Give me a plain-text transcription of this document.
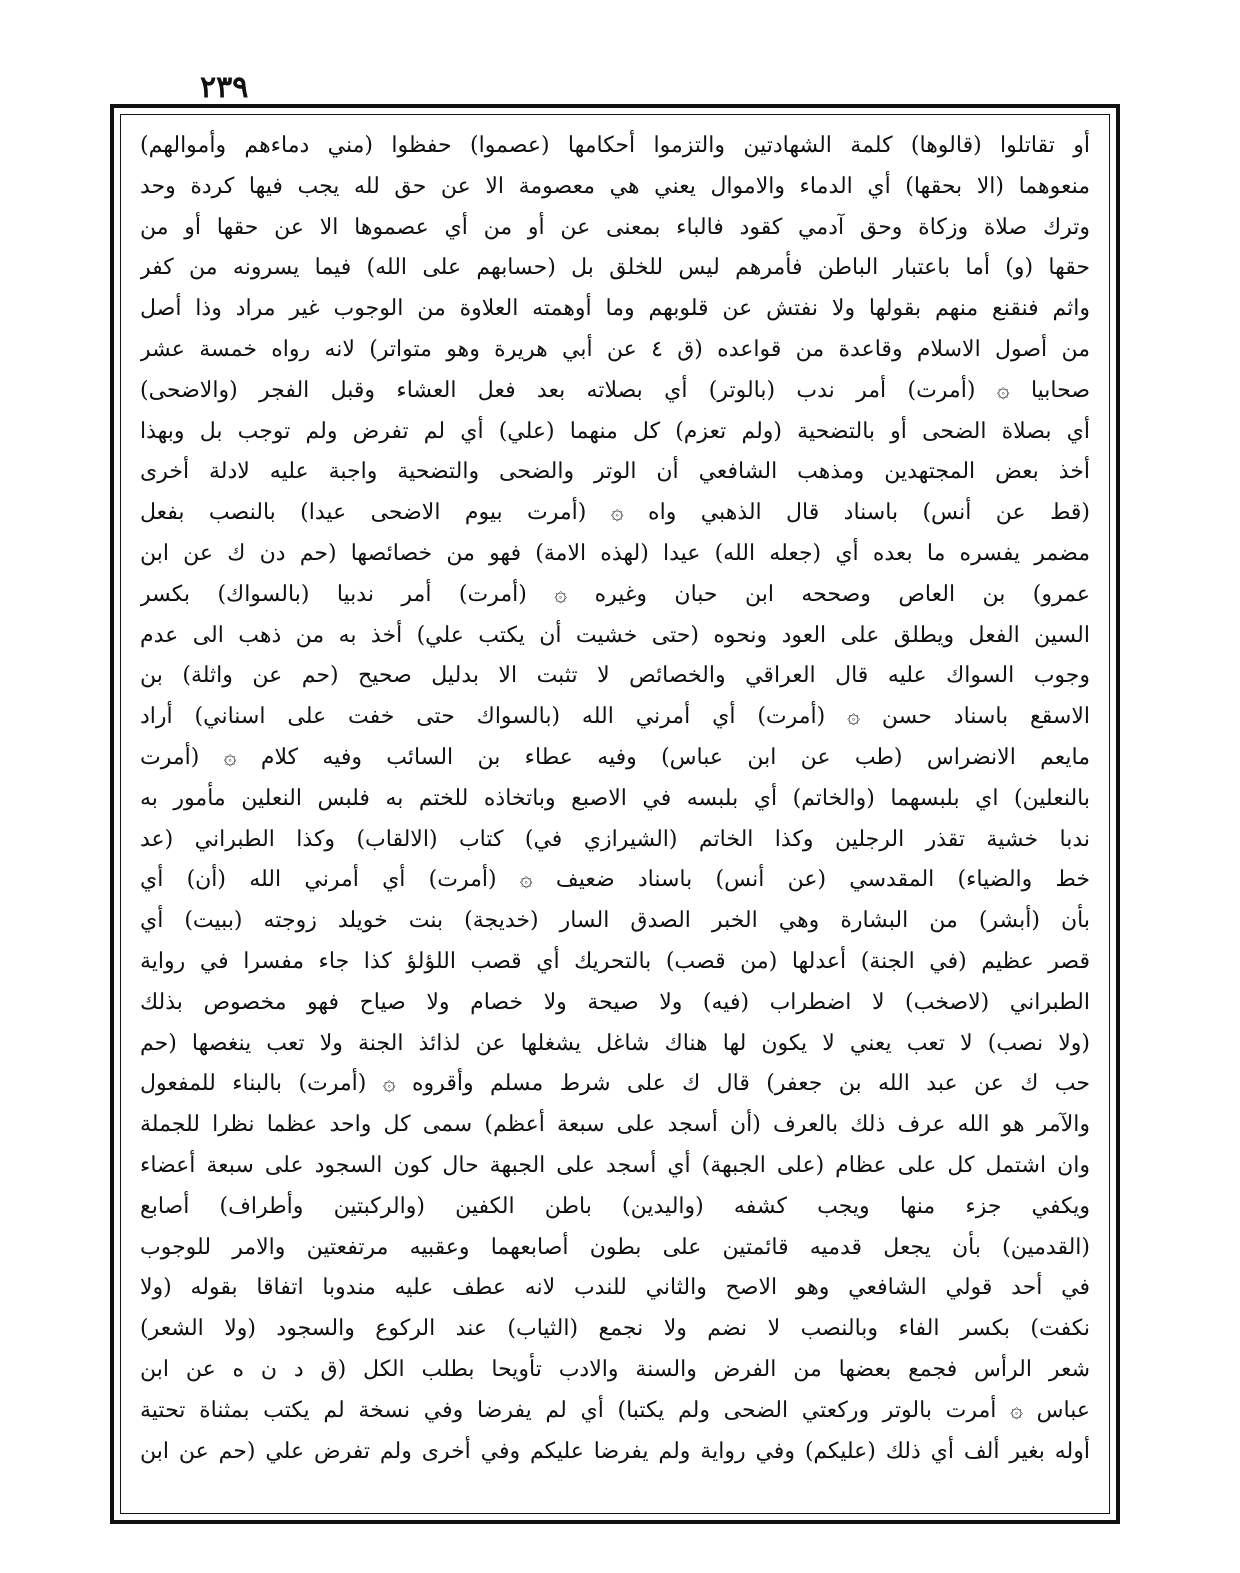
٢٣٩
أو تقاتلوا (قالوها) كلمة الشهادتين والتزموا أحكامها (عصموا) حفظوا (مني دماءهم وأموالهم)
منعوهما (الا بحقها) أي الدماء والاموال يعني هي معصومة الا عن حق لله يجب فيها كردة وحد
وترك صلاة وزكاة وحق آدمي كقود فالباء بمعنى عن أو من أي عصموها الا عن حقها أو من
حقها (و) أما باعتبار الباطن فأمرهم ليس للخلق بل (حسابهم على الله) فيما يسرونه من كفر
واثم فنقنع منهم بقولها ولا نفتش عن قلوبهم وما أوهمته العلاوة من الوجوب غير مراد وذا أصل
من أصول الاسلام وقاعدة من قواعده (ق ٤ عن أبي هريرة وهو متواتر) لانه رواه خمسة عشر
صحابيا ۞ (أمرت) أمر ندب (بالوتر) أي بصلاته بعد فعل العشاء وقبل الفجر (والاضحى)
أي بصلاة الضحى أو بالتضحية (ولم تعزم) كل منهما (علي) أي لم تفرض ولم توجب بل وبهذا
أخذ بعض المجتهدين ومذهب الشافعي أن الوتر والضحى والتضحية واجبة عليه لادلة أخرى
(قط عن أنس) باسناد قال الذهبي واه ۞ (أمرت بيوم الاضحى عيدا) بالنصب بفعل
مضمر يفسره ما بعده أي (جعله الله) عيدا (لهذه الامة) فهو من خصائصها (حم دن ك عن ابن
عمرو) بن العاص وصححه ابن حبان وغيره ۞ (أمرت) أمر ندبيا (بالسواك) بكسر
السين الفعل ويطلق على العود ونحوه (حتى خشيت أن يكتب علي) أخذ به من ذهب الى عدم
وجوب السواك عليه قال العراقي والخصائص لا تثبت الا بدليل صحيح (حم عن واثلة) بن
الاسقع باسناد حسن ۞ (أمرت) أي أمرني الله (بالسواك حتى خفت على اسناني) أراد
مايعم الانضراس (طب عن ابن عباس) وفيه عطاء بن السائب وفيه كلام ۞ (أمرت
بالنعلين) اي بلبسهما (والخاتم) أي بلبسه في الاصبع وباتخاذه للختم به فلبس النعلين مأمور به
ندبا خشية تقذر الرجلين وكذا الخاتم (الشيرازي في) كتاب (الالقاب) وكذا الطبراني (عد
خط والضياء) المقدسي (عن أنس) باسناد ضعيف ۞ (أمرت) أي أمرني الله (أن) أي
بأن (أبشر) من البشارة وهي الخبر الصدق السار (خديجة) بنت خويلد زوجته (ببيت) أي
قصر عظيم (في الجنة) أعدلها (من قصب) بالتحريك أي قصب اللؤلؤ كذا جاء مفسرا في رواية
الطبراني (لاصخب) لا اضطراب (فيه) ولا صيحة ولا خصام ولا صياح فهو مخصوص بذلك
(ولا نصب) لا تعب يعني لا يكون لها هناك شاغل يشغلها عن لذائذ الجنة ولا تعب ينغصها (حم
حب ك عن عبد الله بن جعفر) قال ك على شرط مسلم وأقروه ۞ (أمرت) بالبناء للمفعول
والآمر هو الله عرف ذلك بالعرف (أن أسجد على سبعة أعظم) سمى كل واحد عظما نظرا للجملة
وان اشتمل كل على عظام (على الجبهة) أي أسجد على الجبهة حال كون السجود على سبعة أعضاء
ويكفي جزء منها ويجب كشفه (واليدين) باطن الكفين (والركبتين وأطراف) أصابع
(القدمين) بأن يجعل قدميه قائمتين على بطون أصابعهما وعقبيه مرتفعتين والامر للوجوب
في أحد قولي الشافعي وهو الاصح والثاني للندب لانه عطف عليه مندوبا اتفاقا بقوله (ولا
نكفت) بكسر الفاء وبالنصب لا نضم ولا نجمع (الثياب) عند الركوع والسجود (ولا الشعر)
شعر الرأس فجمع بعضها من الفرض والسنة والادب تأويحا بطلب الكل (ق د ن ه عن ابن
عباس ۞ أمرت بالوتر وركعتي الضحى ولم يكتبا) أي لم يفرضا وفي نسخة لم يكتب بمثناة تحتية
أوله بغير ألف أي ذلك (عليكم) وفي رواية ولم يفرضا عليكم وفي أخرى ولم تفرض علي (حم عن ابن
